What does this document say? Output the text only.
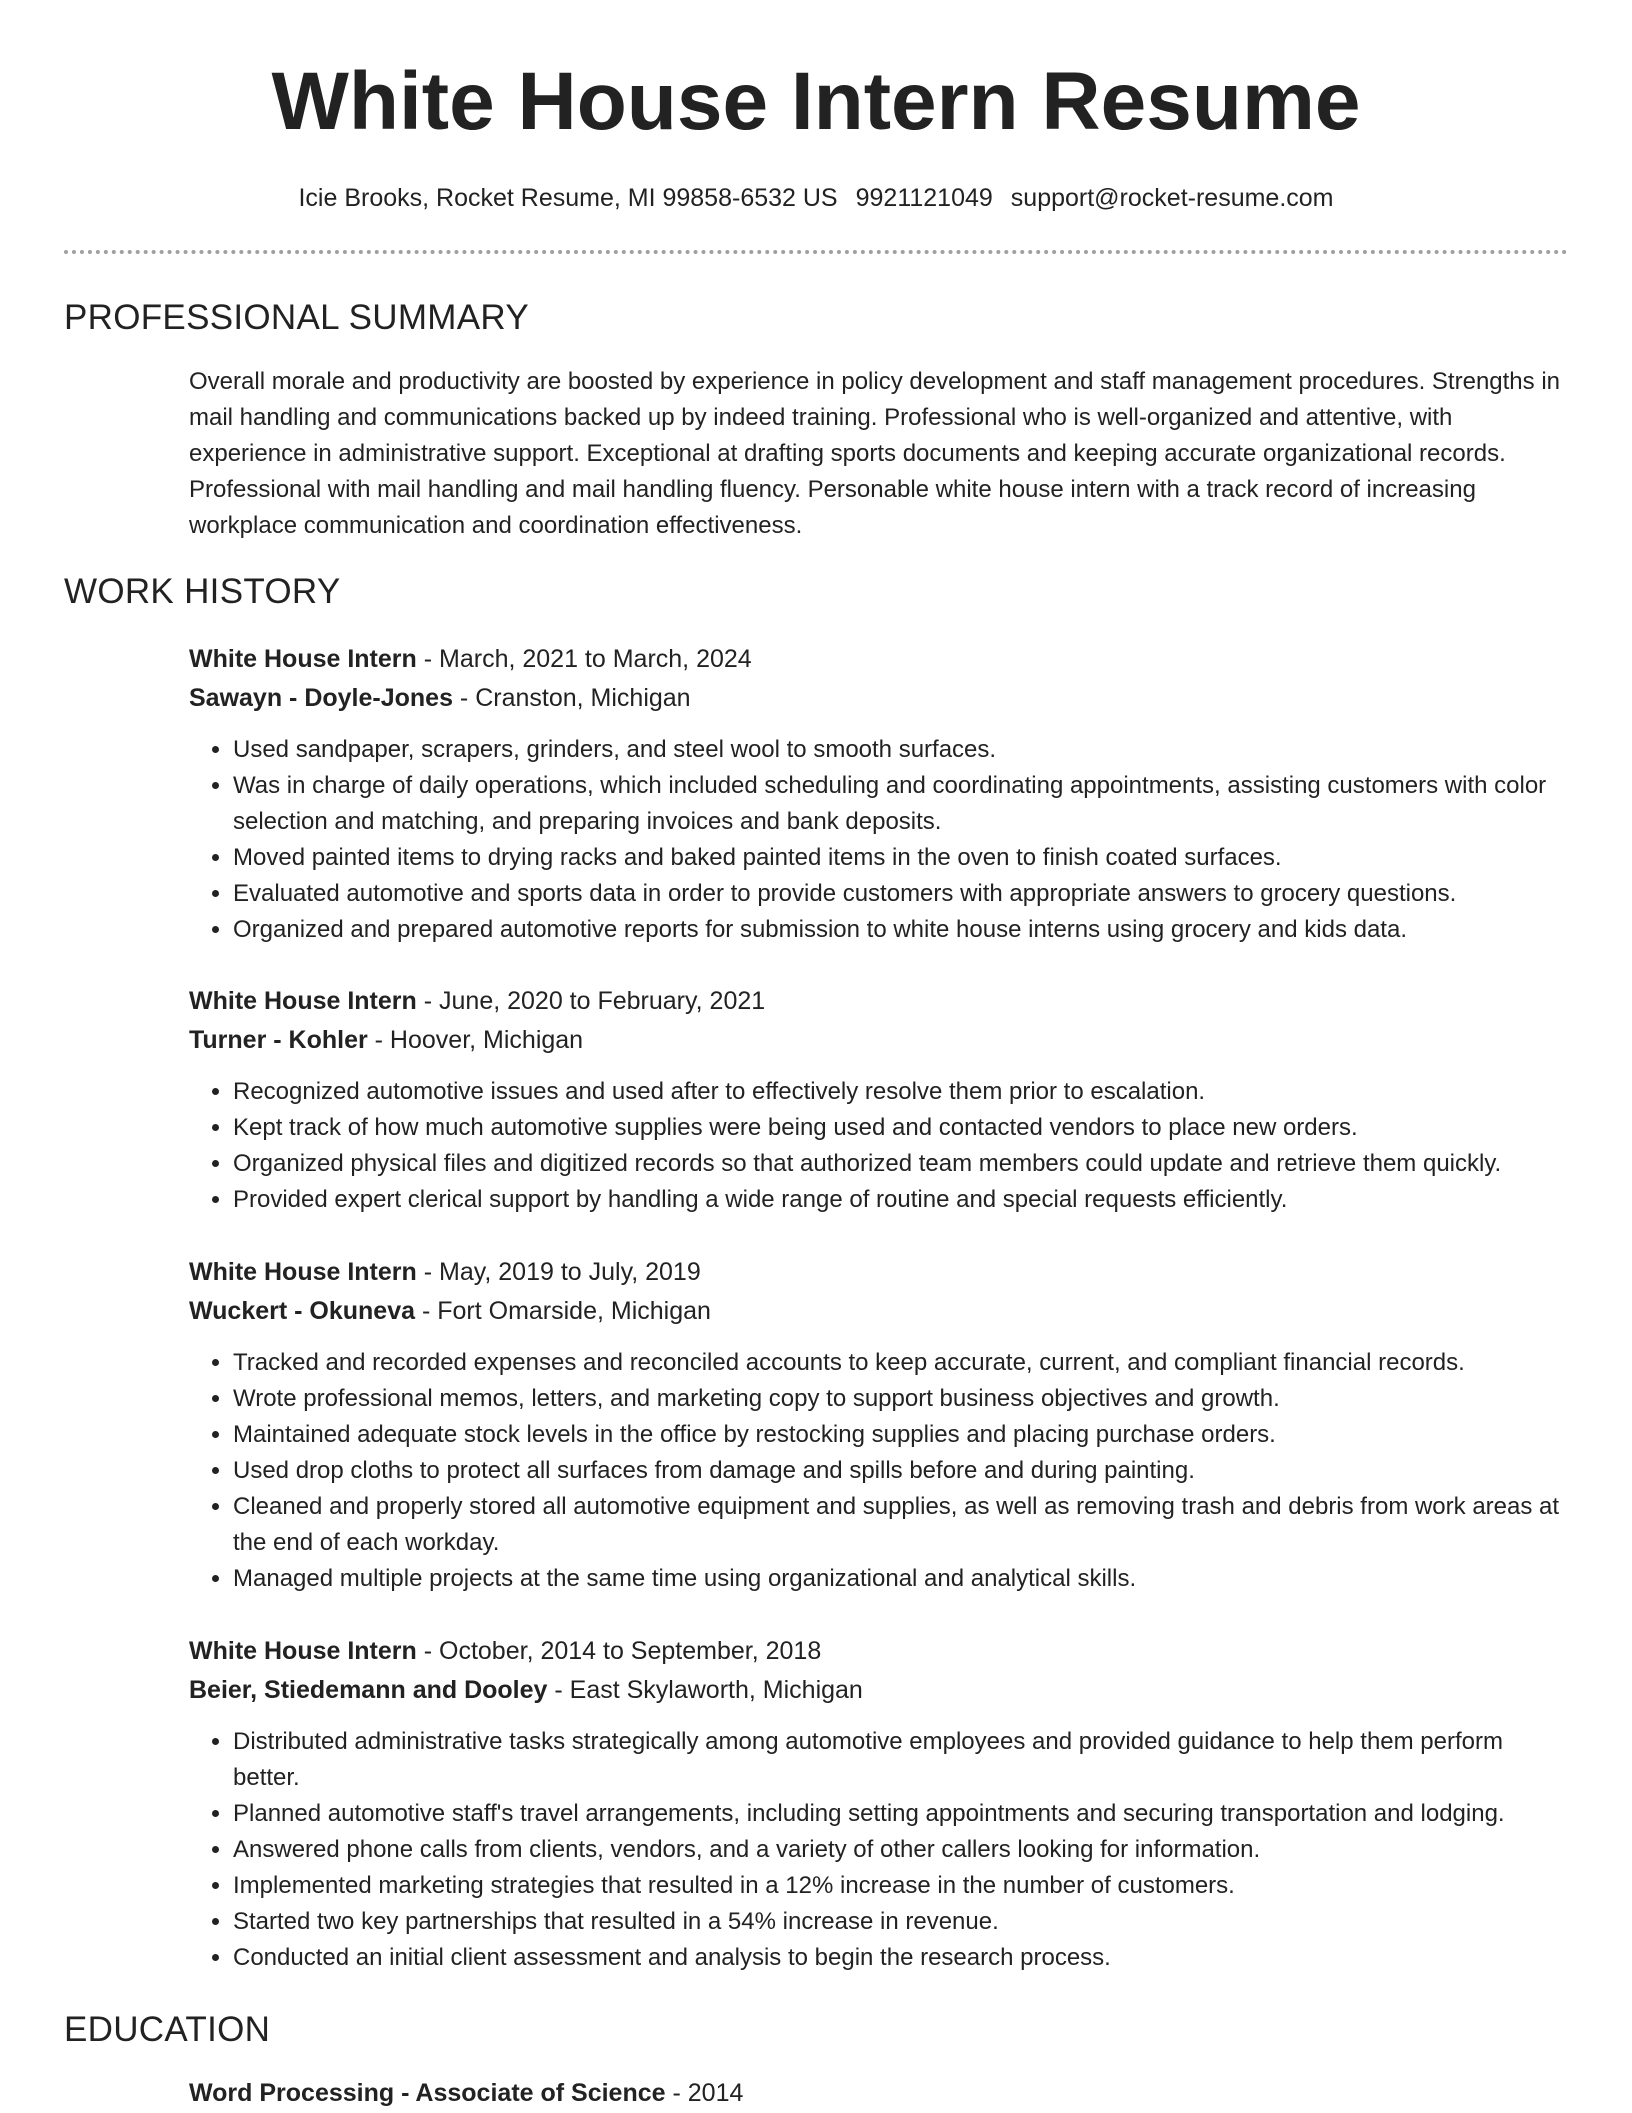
White House Intern Resume
Icie Brooks, Rocket Resume, MI 99858-6532 US 9921121049 support@rocket-resume.com
PROFESSIONAL SUMMARY

Overall morale and productivity are boosted by experience in policy development and staff management procedures. Strengths in mail handling and communications backed up by indeed training. Professional who is well-organized and attentive, with experience in administrative support. Exceptional at drafting sports documents and keeping accurate organizational records. Professional with mail handling and mail handling fluency. Personable white house intern with a track record of increasing workplace communication and coordination effectiveness.

WORK HISTORY

White House Intern - March, 2021 to March, 2024

Sawayn - Doyle-Jones - Cranston, Michigan

• Used sandpaper, scrapers, grinders, and steel wool to smooth surfaces.
• Was in charge of daily operations, which included scheduling and coordinating appointments, assisting customers with color selection and matching, and preparing invoices and bank deposits.
• Moved painted items to drying racks and baked painted items in the oven to finish coated surfaces.
• Evaluated automotive and sports data in order to provide customers with appropriate answers to grocery questions.
• Organized and prepared automotive reports for submission to white house interns using grocery and kids data.

White House Intern - June, 2020 to February, 2021

Turner - Kohler - Hoover, Michigan

• Recognized automotive issues and used after to effectively resolve them prior to escalation.
• Kept track of how much automotive supplies were being used and contacted vendors to place new orders.
• Organized physical files and digitized records so that authorized team members could update and retrieve them quickly.
• Provided expert clerical support by handling a wide range of routine and special requests efficiently.

White House Intern - May, 2019 to July, 2019

Wuckert - Okuneva - Fort Omarside, Michigan

• Tracked and recorded expenses and reconciled accounts to keep accurate, current, and compliant financial records.
• Wrote professional memos, letters, and marketing copy to support business objectives and growth.
• Maintained adequate stock levels in the office by restocking supplies and placing purchase orders.
• Used drop cloths to protect all surfaces from damage and spills before and during painting.
• Cleaned and properly stored all automotive equipment and supplies, as well as removing trash and debris from work areas at the end of each workday.
• Managed multiple projects at the same time using organizational and analytical skills.

White House Intern - October, 2014 to September, 2018

Beier, Stiedemann and Dooley - East Skylaworth, Michigan

• Distributed administrative tasks strategically among automotive employees and provided guidance to help them perform better.
• Planned automotive staff's travel arrangements, including setting appointments and securing transportation and lodging.
• Answered phone calls from clients, vendors, and a variety of other callers looking for information.
• Implemented marketing strategies that resulted in a 12% increase in the number of customers.
• Started two key partnerships that resulted in a 54% increase in revenue.
• Conducted an initial client assessment and analysis to begin the research process.
EDUCATION

Word Processing - Associate of Science - 2014
